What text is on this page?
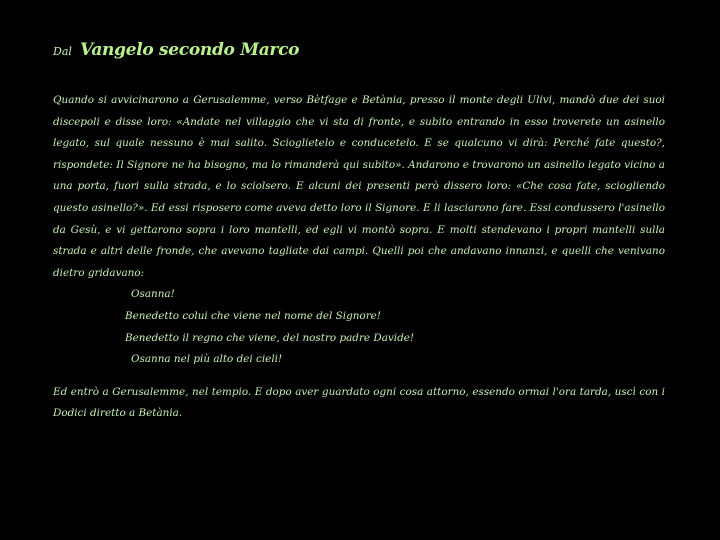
Dal Vangelo secondo Marco

Quando si avvicinarono a Gerusalemme, verso Bètfage e Betània, presso il monte degli Ulivi, mandò due dei suoi discepoli e disse loro: «Andate nel villaggio che vi sta di fronte, e subito entrando in esso troverete un asinello legato, sul quale nessuno è mai salito. Scioglietelo e conducetelo. E se qualcuno vi dirà: Perché fate questo?, rispondete: Il Signore ne ha bisogno, ma lo rimanderà qui subito». Andarono e trovarono un asinello legato vicino a una porta, fuori sulla strada, e lo sciolsero. E alcuni dei presenti però dissero loro: «Che cosa fate, sciogliendo questo asinello?». Ed essi risposero come aveva detto loro il Signore. E li lasciarono fare. Essi condussero l'asinello da Gesù, e vi gettarono sopra i loro mantelli, ed egli vi montò sopra. E molti stendevano i propri mantelli sulla strada e altri delle fronde, che avevano tagliate dai campi. Quelli poi che andavano innanzi, e quelli che venivano dietro gridavano:

Osanna!
Benedetto colui che viene nel nome del Signore!
Benedetto il regno che viene, del nostro padre Davide!
Osanna nel più alto dei cieli!

Ed entrò a Gerusalemme, nel tempio. E dopo aver guardato ogni cosa attorno, essendo ormai l'ora tarda, uscì con i Dodici diretto a Betània.
